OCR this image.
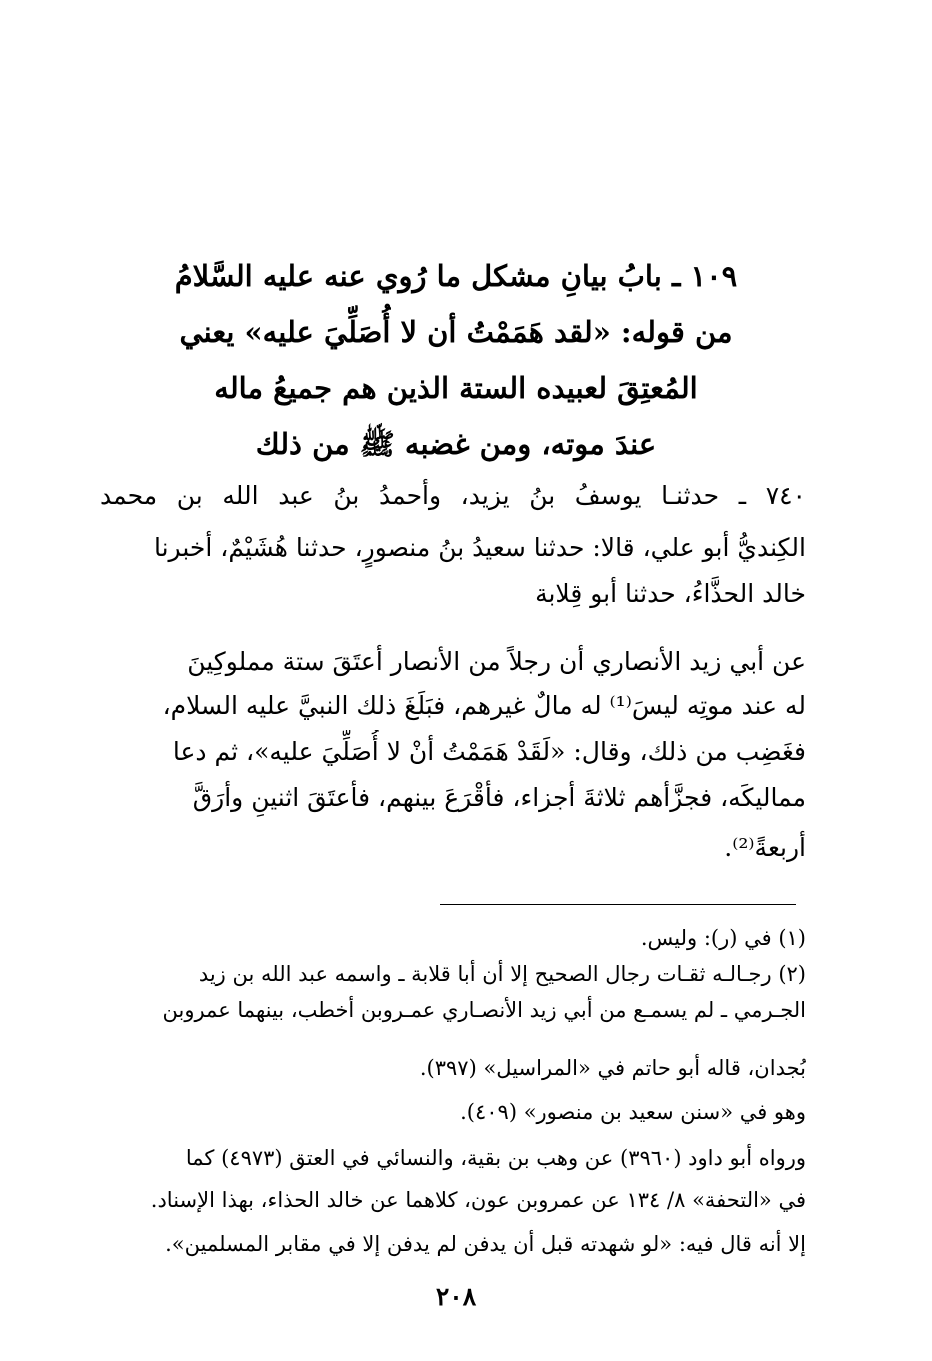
١٠٩ ـ بابُ بيانِ مشكل ما رُوي عنه عليه السَّلامُ
من قوله: «لقد هَمَمْتُ أن لا أُصَلِّيَ عليه» يعني
المُعتِقَ لعبيده الستة الذين هم جميعُ ماله
عندَ موته، ومن غضبه ﷺ من ذلك
٧٤٠ ـ حدثنـا يوسفُ بنُ يزيد، وأحمدُ بنُ عبد الله بن محمد
الكِنديُّ أبو علي، قالا: حدثنا سعيدُ بنُ منصورٍ، حدثنا هُشَيْمٌ، أخبرنا
خالد الحذَّاءُ، حدثنا أبو قِلابة
عن أبي زيد الأنصاري أن رجلاً من الأنصار أعتَقَ ستة مملوكِينَ
له عند موتِه ليسَ⁽¹⁾ له مالٌ غيرهم، فبَلَغَ ذلك النبيَّ عليه السلام،
فغَضِب من ذلك، وقال: «لَقَدْ هَمَمْتُ أنْ لا أُصَلِّيَ عليه»، ثم دعا
مماليكَه، فجزَّأهم ثلاثةَ أجزاء، فأقْرَعَ بينهم، فأعتَقَ اثنينِ وأرَقَّ
أربعةً⁽²⁾.
(١) في (ر): وليس.
(٢) رجـالـه ثقـات رجال الصحيح إلا أن أبا قلابة ـ واسمه عبد الله بن زيد
الجـرمي ـ لم يسمـع من أبي زيد الأنصـاري عمـروبن أخطب، بينهما عمروبن
بُجدان، قاله أبو حاتم في «المراسيل» (٣٩٧).
وهو في «سنن سعيد بن منصور» (٤٠٩).
ورواه أبو داود (٣٩٦٠) عن وهب بن بقية، والنسائي في العتق (٤٩٧٣) كما
في «التحفة» ٨/ ١٣٤ عن عمروبن عون، كلاهما عن خالد الحذاء، بهذا الإسناد.
إلا أنه قال فيه: «لو شهدته قبل أن يدفن لم يدفن إلا في مقابر المسلمين».
٢٠٨
